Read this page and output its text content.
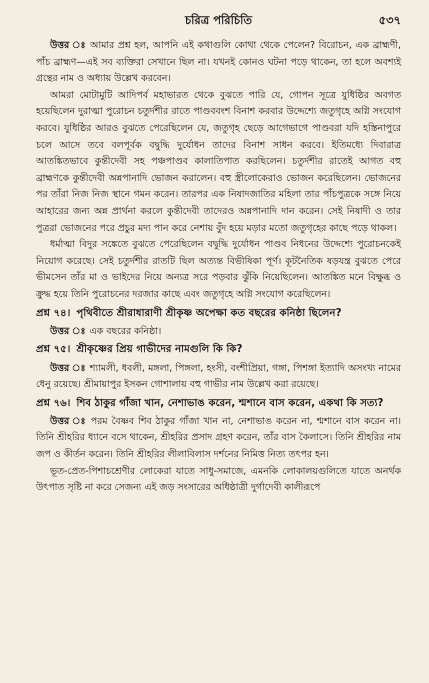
চরিত্র পরিচিতি	৫৩৭

উত্তর ঃ আমার প্রশ্ন হল, আপনি এই কথাগুলি কোথা থেকে পেলেন? বিরোচন, এক ব্রাহ্মণী, পাঁচ ব্রাহ্মণ—এই সব ব্যক্তিরা সেখানে ছিল না। যখনই কোনও ঘটনা পড়ে থাকেন, তা হলে অবশ্যই গ্রন্থের নাম ও অধ্যায় উল্লেখ করবেন।

আমরা মোটামুটি আদিপর্ব মহাভারত থেকে বুঝতে পারি যে, গোপন সূত্রে যুধিষ্ঠির অবগত হয়েছিলেন দুরাত্মা পুরোচন চতুর্দশীর রাতে পাণ্ডববংশ বিনাশ করবার উদ্দেশ্যে জতুগৃহে অগ্নি সংযোগ করবে। যুধিষ্ঠির আরও বুঝতে পেরেছিলেন যে, জতুগৃহ ছেড়ে আগেভাগে পাণ্ডবরা যদি হস্তিনাপুরে চলে আসে তবে বলপূর্বক বদ্বুদ্ধি দুর্যোধন তাদের বিনাশ সাধন করবে। ইতিমধ্যে দিবারাত্র আতঙ্কিতভাবে কুন্তীদেবী সহ পঞ্চপাণ্ডব কালাতিপাত করছিলেন। চতুর্দশীর রাতেই আগত বহু ব্রাহ্মণকে কুন্তীদেবী অন্নপানাদি ভোজন করালেন। বহু স্ত্রীলোকেরাও ভোজন করেছিলেন। ভোজনের পর তাঁরা নিজ নিজ স্থানে গমন করেন। তারপর এক নিষাদজাতির মহিলা তার পাঁচপুত্রকে সঙ্গে নিয়ে আহারের জন্য অন্ন প্রার্থনা করলে কুন্তীদেবী তাদেরও অন্নপানাদি দান করেন। সেই নিষাদী ও তার পুত্ররা ভোজনের পরে প্রচুর মদ্য পান করে নেশায় বুঁদ হয়ে মড়ার মতো জতুগৃহের কাছে পড়ে থাকল।

ধর্মাত্মা বিদুর সঙ্কেতে বুঝতে পেরেছিলেন বদ্বুদ্ধি দুর্যোধন পাণ্ডব নিধনের উদ্দেশ্যে পুরোচনকেই নিয়োগ করেছে। সেই চতুর্দশীর রাতটি ছিল অত্যন্ত বিভীষিকা পূর্ণ। কূটনৈতিক ষড়যন্ত্র বুঝতে পেরে ভীমসেন তাঁর মা ও ভাইদের নিয়ে অন্যত্র সরে পড়বার ঝুঁকি নিয়েছিলেন। আতঙ্কিত মনে বিক্ষুব্ধ ও ক্রুদ্ধ হয়ে তিনি পুরোচনের দরজার কাছে এবং জতুগৃহে অগ্নি সংযোগ করেছিলেন।

প্রশ্ন ৭৪। পৃথিবীতে শ্রীরাধারাণী শ্রীকৃষ্ণ অপেক্ষা কত বছরের কনিষ্ঠা ছিলেন?

উত্তর ঃ এক বছরের কনিষ্ঠা।

প্রশ্ন ৭৫। শ্রীকৃষ্ণের প্রিয় গাভীদের নামগুলি কি কি?

উত্তর ঃ শ্যামলী, ধবলী, মঙ্গলা, পিঙ্গলা, হংসী, বংশীপ্রিয়া, গঙ্গা, পিশঙ্গা ইত্যাদি অসংখ্য নামের ধেনু রয়েছে। শ্রীমায়াপুর ইসকন গোশালায় বহু গাভীর নাম উল্লেখ করা রয়েছে।

প্রশ্ন ৭৬। শিব ঠাকুর গাঁজা খান, নেশাভাঙ করেন, শ্মশানে বাস করেন, একথা কি সত্য?

উত্তর ঃ পরম বৈষ্ণব শিব ঠাকুর গাঁজা খান না, নেশাভাঙ করেন না, শ্মশানে বাস করেন না। তিনি শ্রীহরির ধ্যানে বসে থাকেন, শ্রীহরির প্রসাদ গ্রহণ করেন, তাঁর বাস কৈলাসে। তিনি শ্রীহরির নাম জপ ও কীর্তন করেন। তিনি শ্রীহরির লীলাবিলাস দর্শনের নিমিত্ত নিত্য তৎপর হন।

ভূত-প্রেত-পিশাচশ্রেণীর লোকেরা যাতে সাধু-সমাজে, এমনকি লোকালয়গুলিতে যাতে অনর্থক উৎপাত সৃষ্টি না করে সেজন্য এই জড় সংসারের অধিষ্ঠাত্রী দুর্গাদেবী কালীরূপে
